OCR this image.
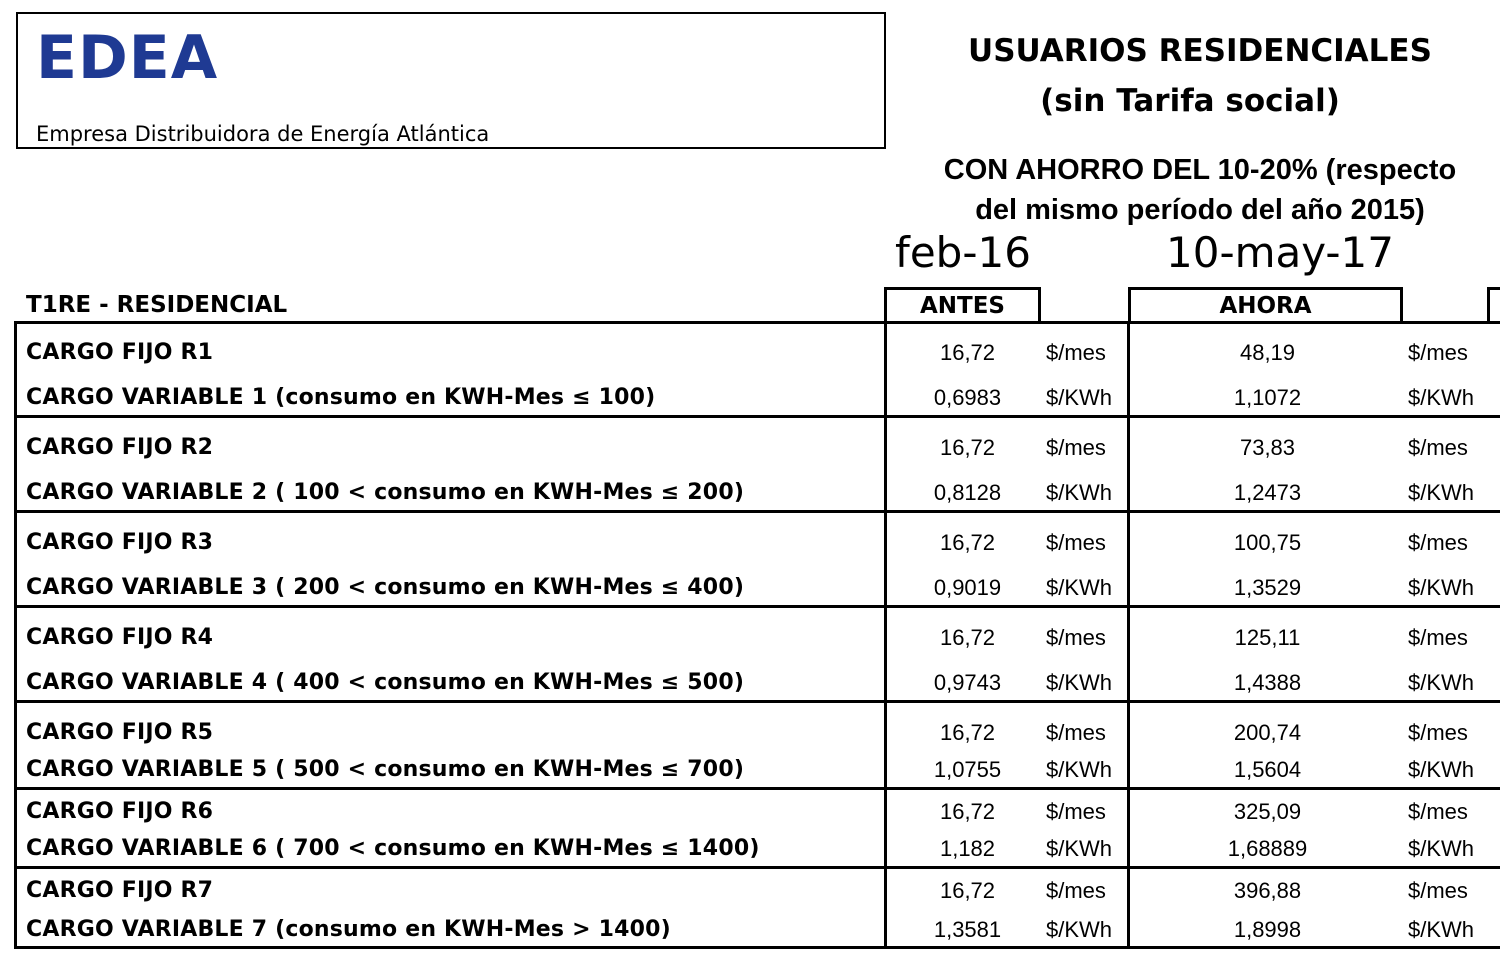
EDEA
Empresa Distribuidora de Energía Atlántica
USUARIOS RESIDENCIALES
(sin Tarifa social)
CON AHORRO DEL 10-20% (respecto
del mismo período del año 2015)
feb-16	10-may-17
ANTES	AHORA
T1RE - RESIDENCIAL
CARGO FIJO R1	16,72	$/mes	48,19	$/mes
CARGO VARIABLE 1 (consumo en KWH-Mes ≤ 100)	0,6983	$/KWh	1,1072	$/KWh
CARGO FIJO R2	16,72	$/mes	73,83	$/mes
CARGO VARIABLE 2 ( 100 < consumo en KWH-Mes ≤ 200)	0,8128	$/KWh	1,2473	$/KWh
CARGO FIJO R3	16,72	$/mes	100,75	$/mes
CARGO VARIABLE 3 ( 200 < consumo en KWH-Mes ≤ 400)	0,9019	$/KWh	1,3529	$/KWh
CARGO FIJO R4	16,72	$/mes	125,11	$/mes
CARGO VARIABLE 4 ( 400 < consumo en KWH-Mes ≤ 500)	0,9743	$/KWh	1,4388	$/KWh
CARGO FIJO R5	16,72	$/mes	200,74	$/mes
CARGO VARIABLE 5 ( 500 < consumo en KWH-Mes ≤ 700)	1,0755	$/KWh	1,5604	$/KWh
CARGO FIJO R6	16,72	$/mes	325,09	$/mes
CARGO VARIABLE 6 ( 700 < consumo en KWH-Mes ≤ 1400)	1,182	$/KWh	1,68889	$/KWh
CARGO FIJO R7	16,72	$/mes	396,88	$/mes
CARGO VARIABLE 7 (consumo en KWH-Mes > 1400)	1,3581	$/KWh	1,8998	$/KWh
